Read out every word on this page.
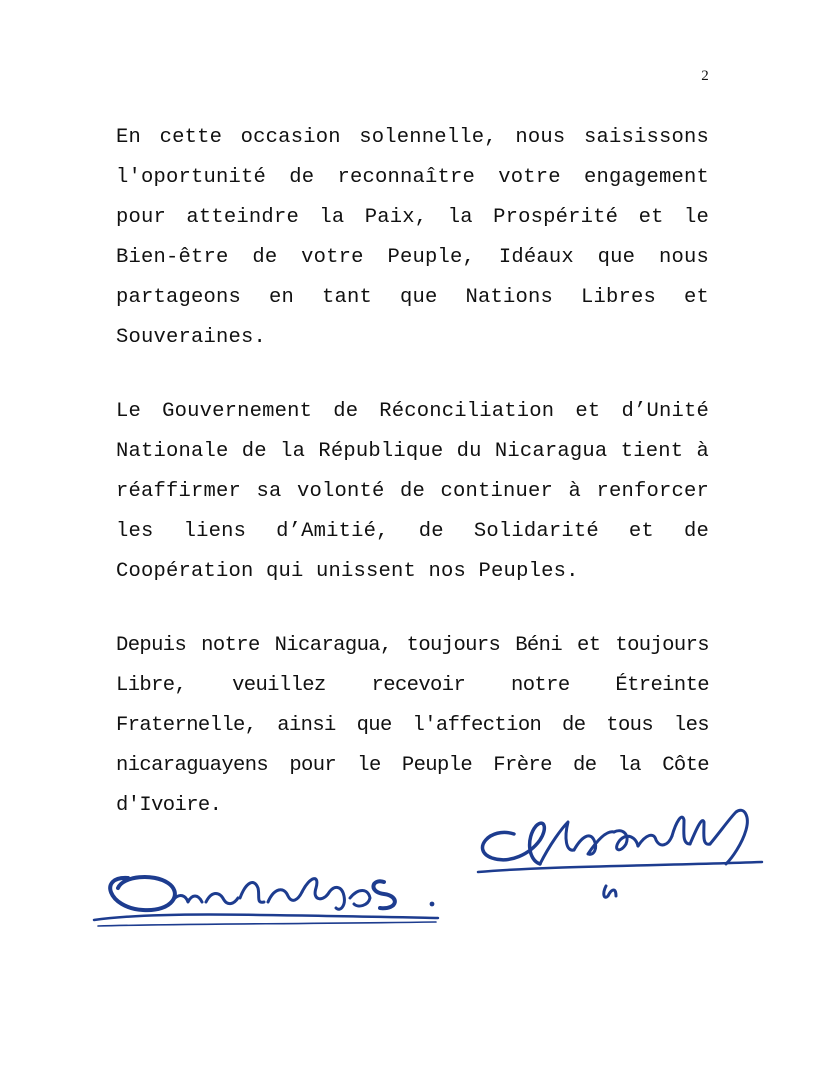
2

En cette occasion solennelle, nous saisissons l'oportunité de reconnaître votre engagement pour atteindre la Paix, la Prospérité et le Bien-être de votre Peuple, Idéaux que nous partageons en tant que Nations Libres et Souveraines.

Le Gouvernement de Réconciliation et d’Unité Nationale de la République du Nicaragua tient à réaffirmer sa volonté de continuer à renforcer les liens d’Amitié, de Solidarité et de Coopération qui unissent nos Peuples.

Depuis notre Nicaragua, toujours Béni et toujours Libre, veuillez recevoir notre Étreinte Fraternelle, ainsi que l'affection de tous les nicaraguayens pour le Peuple Frère de la Côte d'Ivoire.
